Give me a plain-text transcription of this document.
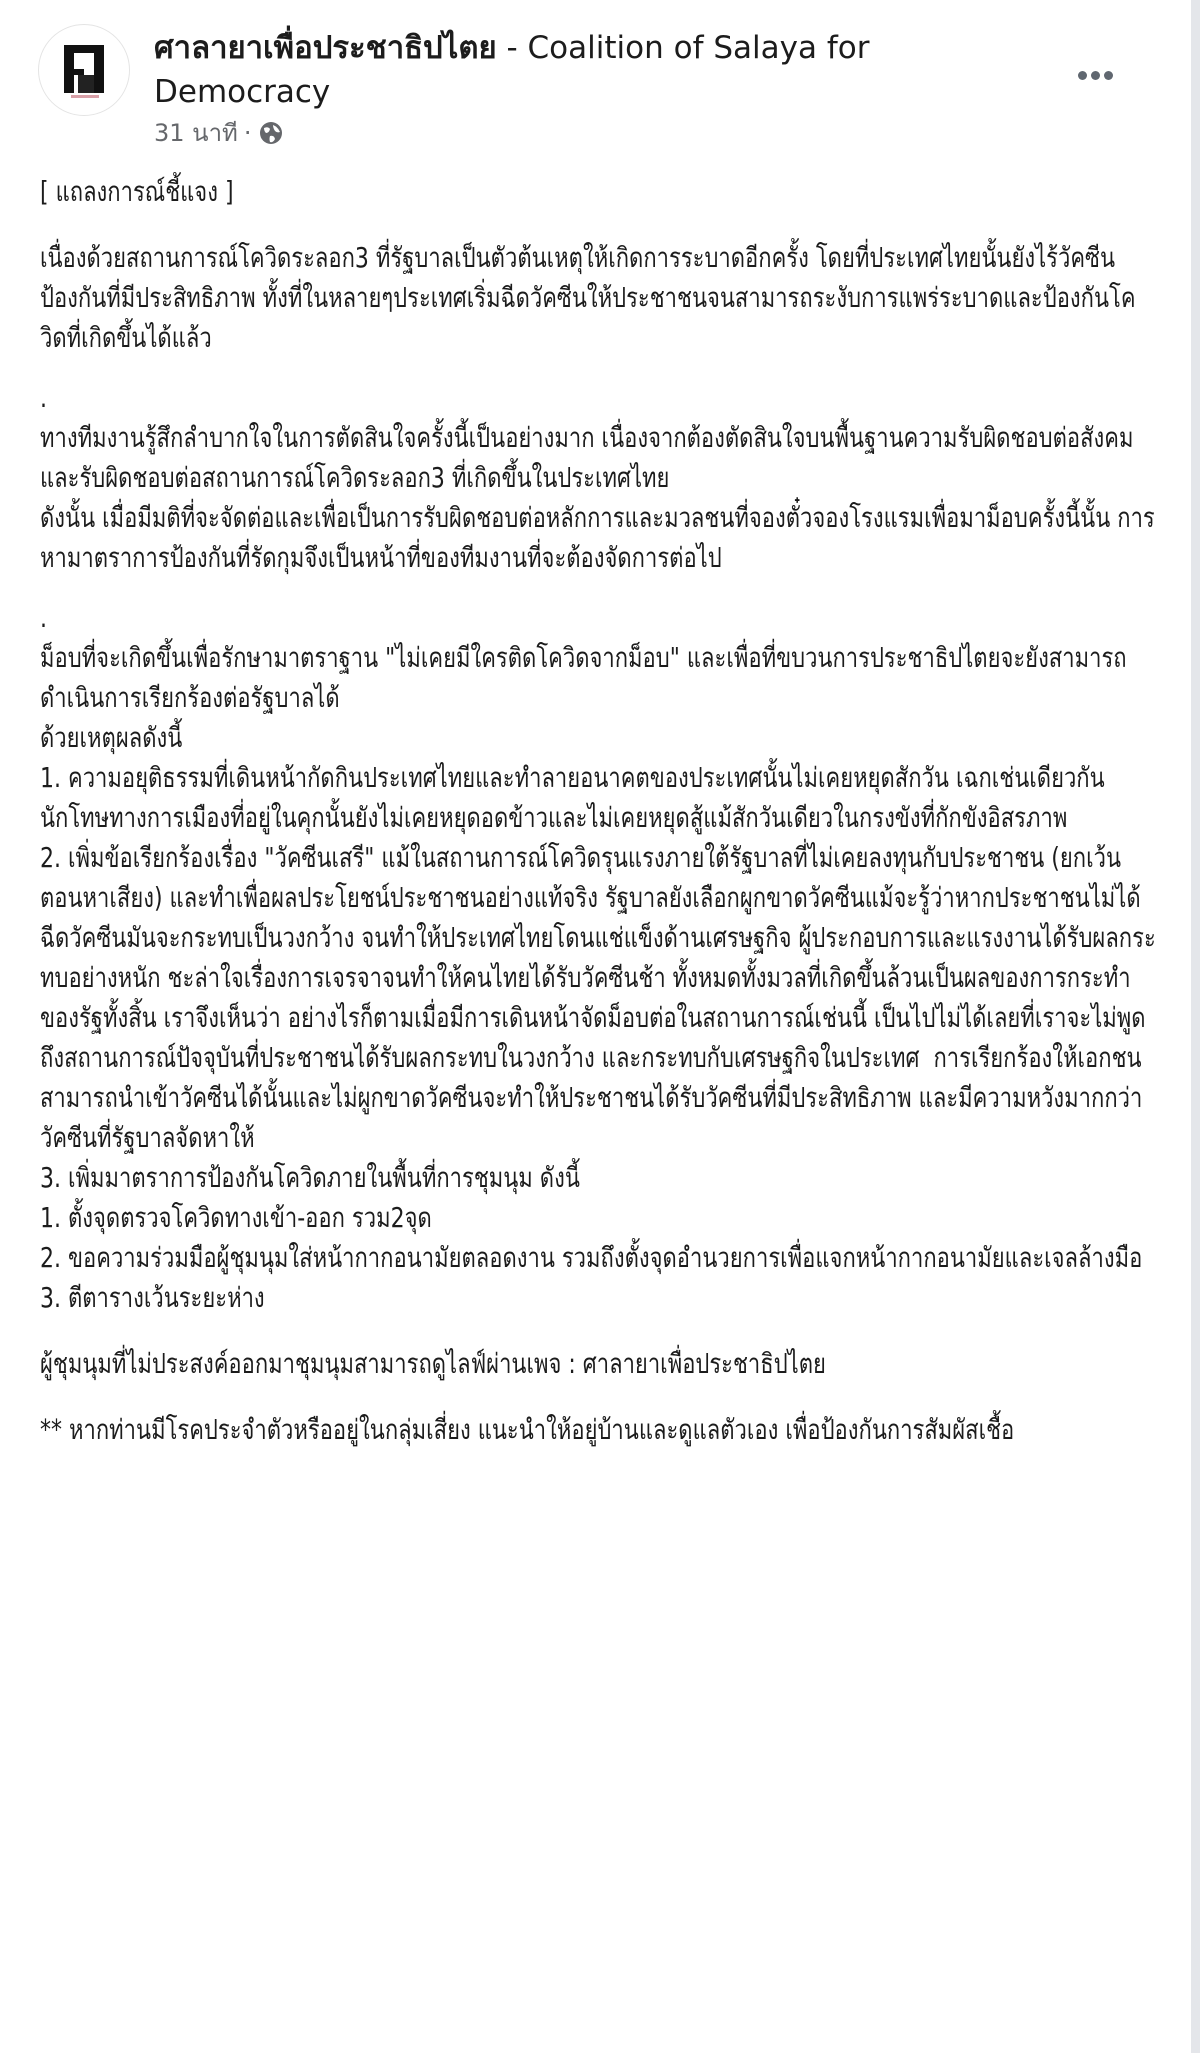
ศาลายาเพื่อประชาธิปไตย - Coalition of Salaya for Democracy
31 นาที ·

[ แถลงการณ์ชี้แจง ]

เนื่องด้วยสถานการณ์โควิดระลอก3 ที่รัฐบาลเป็นตัวต้นเหตุให้เกิดการระบาดอีกครั้ง โดยที่ประเทศไทยนั้นยังไร้วัคซีนป้องกันที่มีประสิทธิภาพ ทั้งที่ในหลายๆประเทศเริ่มฉีดวัคซีนให้ประชาชนจนสามารถระงับการแพร่ระบาดและป้องกันโควิดที่เกิดขึ้นได้แล้ว

.

ทางทีมงานรู้สึกลำบากใจในการตัดสินใจครั้งนี้เป็นอย่างมาก เนื่องจากต้องตัดสินใจบนพื้นฐานความรับผิดชอบต่อสังคมและรับผิดชอบต่อสถานการณ์โควิดระลอก3 ที่เกิดขึ้นในประเทศไทย

ดังนั้น เมื่อมีมติที่จะจัดต่อและเพื่อเป็นการรับผิดชอบต่อหลักการและมวลชนที่จองตั๋วจองโรงแรมเพื่อมาม็อบครั้งนี้นั้น การหามาตราการป้องกันที่รัดกุมจึงเป็นหน้าที่ของทีมงานที่จะต้องจัดการต่อไป

.

ม็อบที่จะเกิดขึ้นเพื่อรักษามาตราฐาน "ไม่เคยมีใครติดโควิดจากม็อบ" และเพื่อที่ขบวนการประชาธิปไตยจะยังสามารถดำเนินการเรียกร้องต่อรัฐบาลได้

ด้วยเหตุผลดังนี้

1. ความอยุติธรรมที่เดินหน้ากัดกินประเทศไทยและทำลายอนาคตของประเทศนั้นไม่เคยหยุดสักวัน เฉกเช่นเดียวกัน นักโทษทางการเมืองที่อยู่ในคุกนั้นยังไม่เคยหยุดอดข้าวและไม่เคยหยุดสู้แม้สักวันเดียวในกรงขังที่กักขังอิสรภาพ

2. เพิ่มข้อเรียกร้องเรื่อง "วัคซีนเสรี" แม้ในสถานการณ์โควิดรุนแรงภายใต้รัฐบาลที่ไม่เคยลงทุนกับประชาชน (ยกเว้นตอนหาเสียง) และทำเพื่อผลประโยชน์ประชาชนอย่างแท้จริง รัฐบาลยังเลือกผูกขาดวัคซีนแม้จะรู้ว่าหากประชาชนไม่ได้ฉีดวัคซีนมันจะกระทบเป็นวงกว้าง จนทำให้ประเทศไทยโดนแช่แข็งด้านเศรษฐกิจ ผู้ประกอบการและแรงงานได้รับผลกระทบอย่างหนัก ชะล่าใจเรื่องการเจรจาจนทำให้คนไทยได้รับวัคซีนช้า ทั้งหมดทั้งมวลที่เกิดขึ้นล้วนเป็นผลของการกระทำของรัฐทั้งสิ้น เราจึงเห็นว่า อย่างไรก็ตามเมื่อมีการเดินหน้าจัดม็อบต่อในสถานการณ์เช่นนี้ เป็นไปไม่ได้เลยที่เราจะไม่พูดถึงสถานการณ์ปัจจุบันที่ประชาชนได้รับผลกระทบในวงกว้าง และกระทบกับเศรษฐกิจในประเทศ  การเรียกร้องให้เอกชนสามารถนำเข้าวัคซีนได้นั้นและไม่ผูกขาดวัคซีนจะทำให้ประชาชนได้รับวัคซีนที่มีประสิทธิภาพ และมีความหวังมากกว่าวัคซีนที่รัฐบาลจัดหาให้

3. เพิ่มมาตราการป้องกันโควิดภายในพื้นที่การชุมนุม ดังนี้

1. ตั้งจุดตรวจโควิดทางเข้า-ออก รวม2จุด

2. ขอความร่วมมือผู้ชุมนุมใส่หน้ากากอนามัยตลอดงาน รวมถึงตั้งจุดอำนวยการเพื่อแจกหน้ากากอนามัยและเจลล้างมือ

3. ตีตารางเว้นระยะห่าง

ผู้ชุมนุมที่ไม่ประสงค์ออกมาชุมนุมสามารถดูไลฟ์ผ่านเพจ : ศาลายาเพื่อประชาธิปไตย

** หากท่านมีโรคประจำตัวหรืออยู่ในกลุ่มเสี่ยง แนะนำให้อยู่บ้านและดูแลตัวเอง เพื่อป้องกันการสัมผัสเชื้อ
